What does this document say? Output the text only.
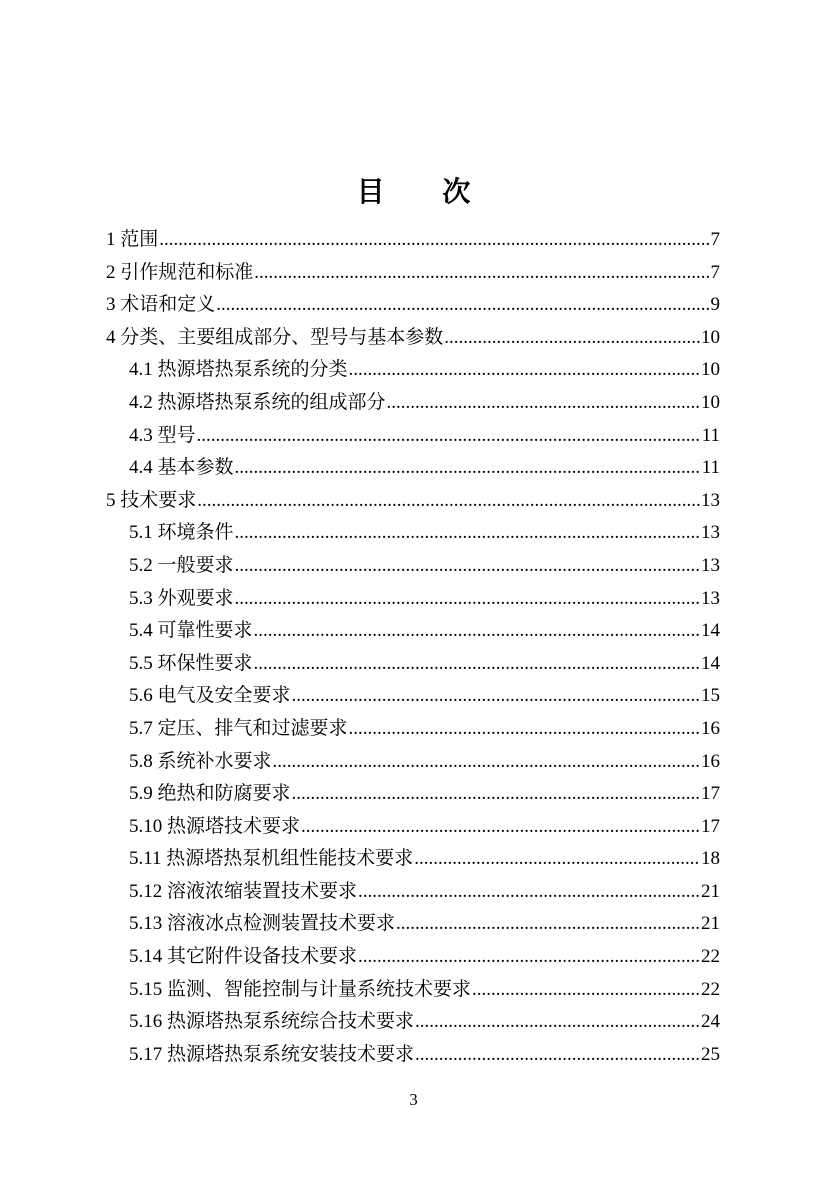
目 次
1 范围 .....	7
2 引作规范和标准 .....	7
3 术语和定义 .....	9
4 分类、主要组成部分、型号与基本参数 .....	10
4.1 热源塔热泵系统的分类 .....	10
4.2 热源塔热泵系统的组成部分 .....	10
4.3 型号 .....	11
4.4 基本参数 .....	11
5 技术要求 .....	13
5.1 环境条件 .....	13
5.2 一般要求 .....	13
5.3 外观要求 .....	13
5.4 可靠性要求 .....	14
5.5 环保性要求 .....	14
5.6 电气及安全要求 .....	15
5.7 定压、排气和过滤要求 .....	16
5.8 系统补水要求 .....	16
5.9 绝热和防腐要求 .....	17
5.10 热源塔技术要求 .....	17
5.11 热源塔热泵机组性能技术要求 .....	18
5.12 溶液浓缩装置技术要求 .....	21
5.13 溶液冰点检测装置技术要求 .....	21
5.14 其它附件设备技术要求 .....	22
5.15 监测、智能控制与计量系统技术要求 .....	22
5.16 热源塔热泵系统综合技术要求 .....	24
5.17 热源塔热泵系统安装技术要求 .....	25
3
